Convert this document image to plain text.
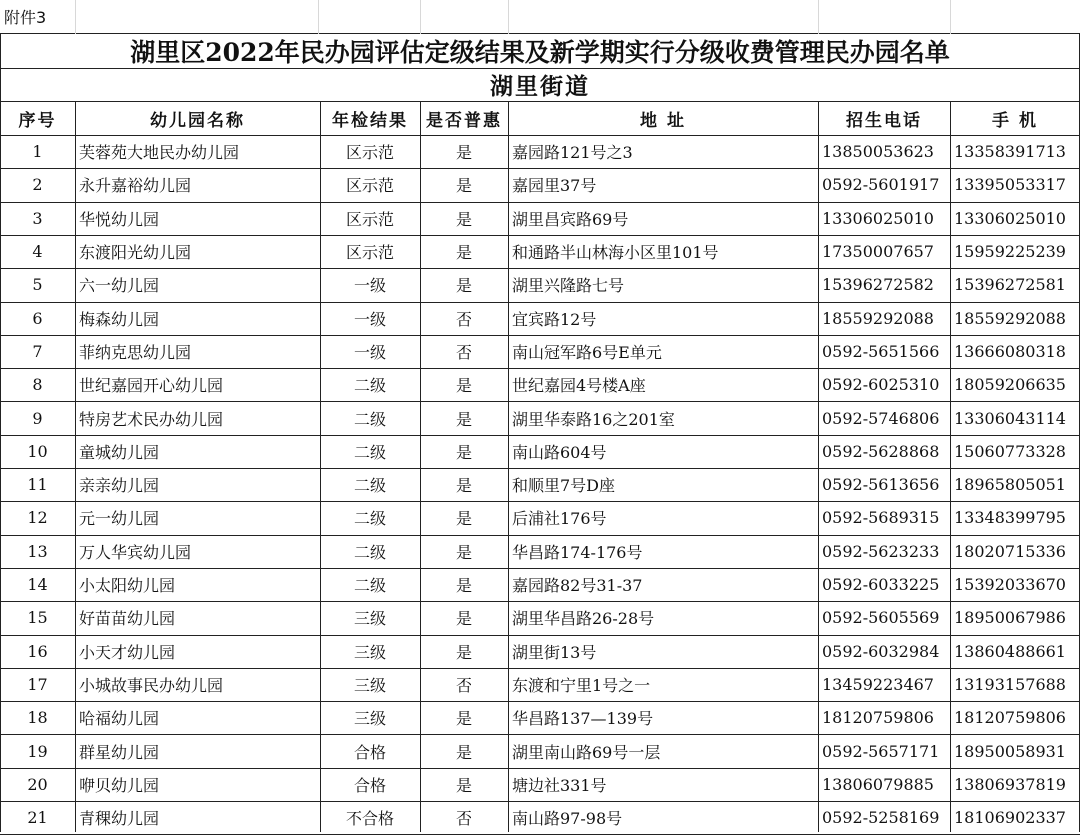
附件3
湖里区2022年民办园评估定级结果及新学期实行分级收费管理民办园名单
湖里街道
序号	幼儿园名称	年检结果	是否普惠	地 址	招生电话	手 机
1	芙蓉苑大地民办幼儿园	区示范	是	嘉园路121号之3	13850053623	13358391713
2	永升嘉裕幼儿园	区示范	是	嘉园里37号	0592-5601917 13395053317
3	华悦幼儿园	区示范	是	湖里昌宾路69号	13306025010	13306025010
4	东渡阳光幼儿园	区示范	是	和通路半山林海小区里101号	17350007657	15959225239
5	六一幼儿园	一级	是	湖里兴隆路七号	15396272582	15396272581
6	梅森幼儿园	一级	否	宜宾路12号	18559292088	18559292088
7	菲纳克思幼儿园	一级	否	南山冠军路6号E单元	0592-5651566 13666080318
8	世纪嘉园开心幼儿园	二级	是	世纪嘉园4号楼A座	0592-6025310 18059206635
9	特房艺术民办幼儿园	二级	是	湖里华泰路16之201室	0592-5746806 13306043114
10	童城幼儿园	二级	是	南山路604号	0592-5628868 15060773328
11	亲亲幼儿园	二级	是	和顺里7号D座	0592-5613656 18965805051
12	元一幼儿园	二级	是	后浦社176号	0592-5689315 13348399795
13	万人华宾幼儿园	二级	是	华昌路174-176号	0592-5623233 18020715336
14	小太阳幼儿园	二级	是	嘉园路82号31-37	0592-6033225 15392033670
15	好苗苗幼儿园	三级	是	湖里华昌路26-28号	0592-5605569 18950067986
16	小天才幼儿园	三级	是	湖里街13号	0592-6032984 13860488661
17	小城故事民办幼儿园	三级	否	东渡和宁里1号之一	13459223467	13193157688
18	哈福幼儿园	三级	是	华昌路137—139号	18120759806	18120759806
19	群星幼儿园	合格	是	湖里南山路69号一层	0592-5657171 18950058931
20	咿贝幼儿园	合格	是	塘边社331号	13806079885	13806937819
21	青稞幼儿园	不合格	否	南山路97-98号	0592-5258169 18106902337
